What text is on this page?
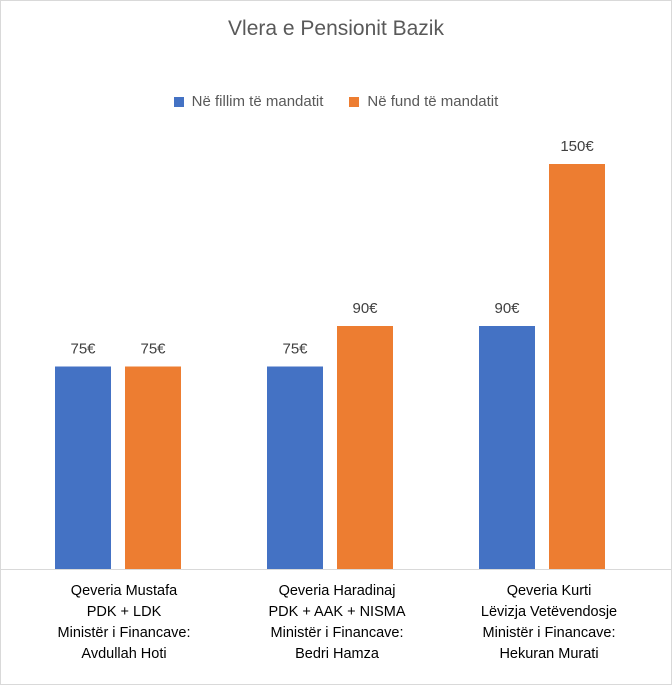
Vlera e Pensionit Bazik
Në fillim të mandatit	Në fund të mandatit
75€	75€	75€
90€	90€
150€
Qeveria Mustafa
PDK + LDK
Ministër i Financave:
Avdullah Hoti
Qeveria Haradinaj
PDK + AAK + NISMA
Ministër i Financave:
Bedri Hamza
Qeveria Kurti
Lëvizja Vetëvendosje
Ministër i Financave:
Hekuran Murati
